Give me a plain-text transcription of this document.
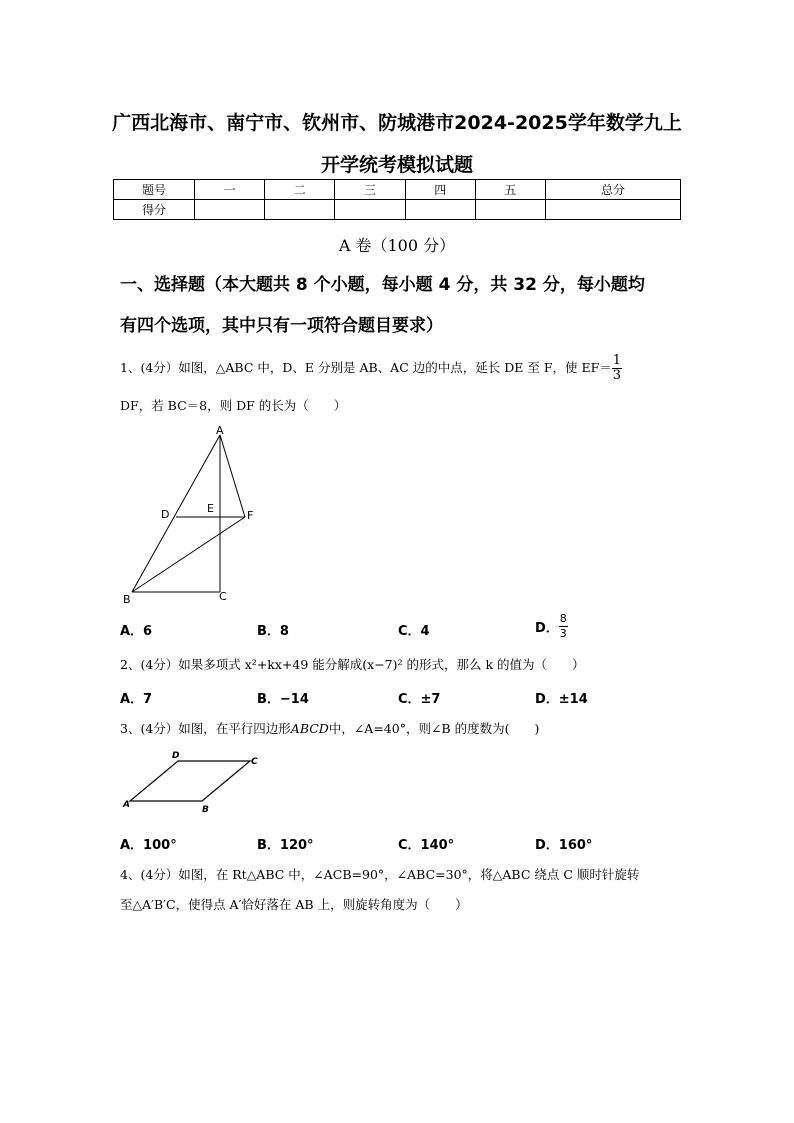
广西北海市、南宁市、钦州市、防城港市2024-2025学年数学九上
开学统考模拟试题
题号	一	二	三	四	五	总分
得分						
A 卷（100 分）
一、选择题（本大题共 8 个小题，每小题 4 分，共 32 分，每小题均
有四个选项，其中只有一项符合题目要求）
1、(4分）如图，△ABC 中，D、E 分别是 AB、AC 边的中点，延长 DE 至 F，使 $EF= \frac{1}{3}$
DF，若 BC＝8，则 DF 的长为（　　）
A
B	C
D	E
F
A．6	B．8	C．4	D． $\frac{8}{3}$
2、(4分）如果多项式 x²+kx+49 能分解成(x−7)² 的形式，那么 k 的值为（　　）
A．7	B．−14	C．±7	D．±14
3、(4分）如图，在平行四边形ABCD中，∠A=40°，则∠B 的度数为(　　)
A	B
C
D
A．100°	B．120°	C．140°	D．160°
4、(4分）如图，在 Rt△ABC 中，∠ACB=90°，∠ABC=30°，将△ABC 绕点 C 顺时针旋转
至△A′B′C，使得点 A′恰好落在 AB 上，则旋转角度为（　　）
